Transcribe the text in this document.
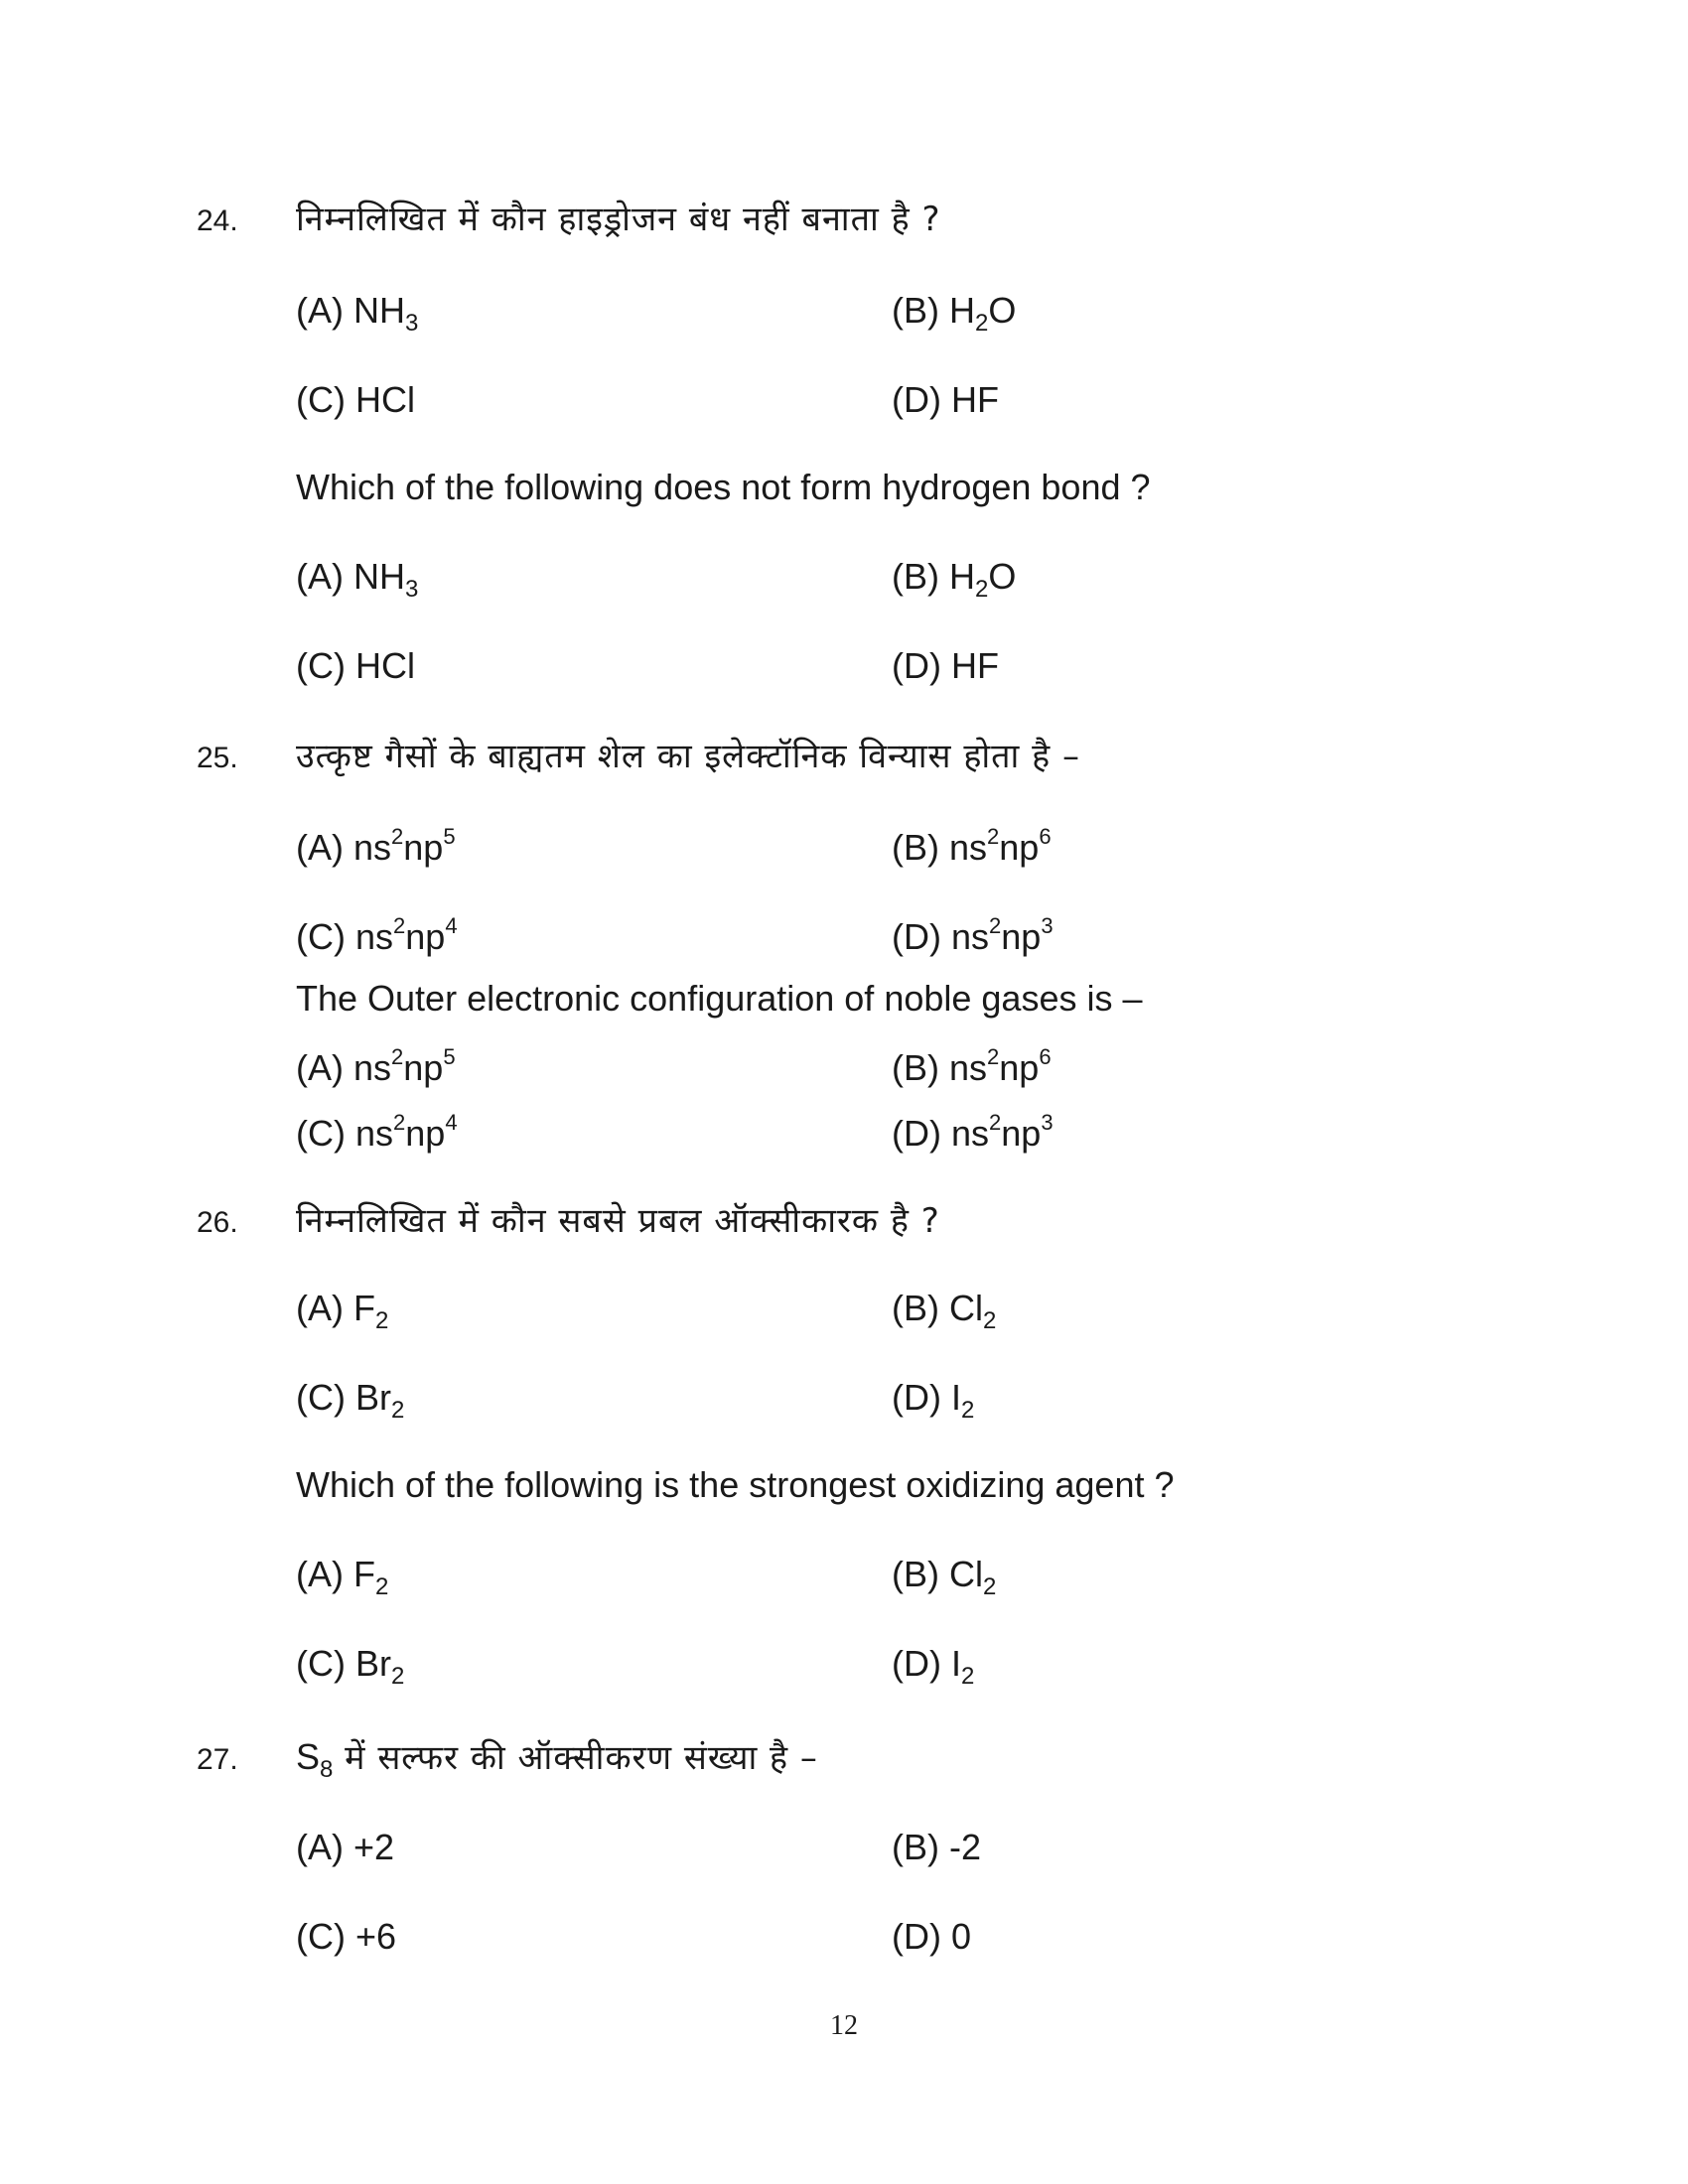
24. निम्नलिखित में कौन हाइड्रोजन बंध नहीं बनाता है ?
(A) $NH_3$	(B) $H_2O$
(C) HCl	(D) HF
Which of the following does not form hydrogen bond ?
(A) $NH_3$	(B) $H_2O$
(C) HCl	(D) HF
25. उत्कृष्ट गैसों के बाह्यतम शेल का इलेक्टॉनिक विन्यास होता है –
(A) $ns^2np^5$	(B) $ns^2np^6$
(C) $ns^2np^4$	(D) $ns^2np^3$
The Outer electronic configuration of noble gases is –
(A) $ns^2np^5$	(B) $ns^2np^6$
(C) $ns^2np^4$	(D) $ns^2np^3$
26. निम्नलिखित में कौन सबसे प्रबल ऑक्सीकारक है ?
(A) $F_2$	(B) $Cl_2$
(C) $Br_2$	(D) $I_2$
Which of the following is the strongest oxidizing agent ?
(A) $F_2$	(B) $Cl_2$
(C) $Br_2$	(D) $I_2$
27. $S_8$ में सल्फर की ऑक्सीकरण संख्या है –
(A) +2	(B) -2
(C) +6	(D) 0
12
